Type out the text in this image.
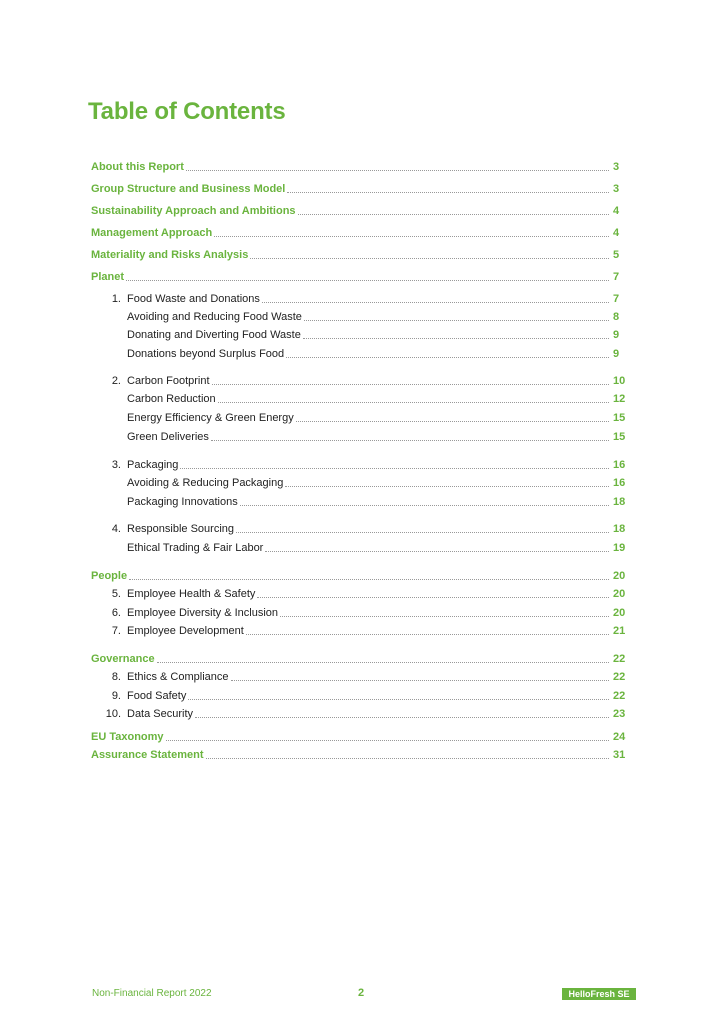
Table of Contents
About this Report	3
Group Structure and Business Model	3
Sustainability Approach and Ambitions	4
Management Approach	4
Materiality and Risks Analysis	5
Planet	7
1. Food Waste and Donations	7
Avoiding and Reducing Food Waste	8
Donating and Diverting Food Waste	9
Donations beyond Surplus Food	9
2. Carbon Footprint	10
Carbon Reduction	12
Energy Efficiency & Green Energy	15
Green Deliveries	15
3. Packaging	16
Avoiding & Reducing Packaging	16
Packaging Innovations	18
4. Responsible Sourcing	18
Ethical Trading & Fair Labor	19
People	20
5. Employee Health & Safety	20
6. Employee Diversity & Inclusion	20
7. Employee Development	21
Governance	22
8. Ethics & Compliance	22
9. Food Safety	22
10. Data Security	23
EU Taxonomy	24
Assurance Statement	31
Non-Financial Report 2022	2	HelloFresh SE
